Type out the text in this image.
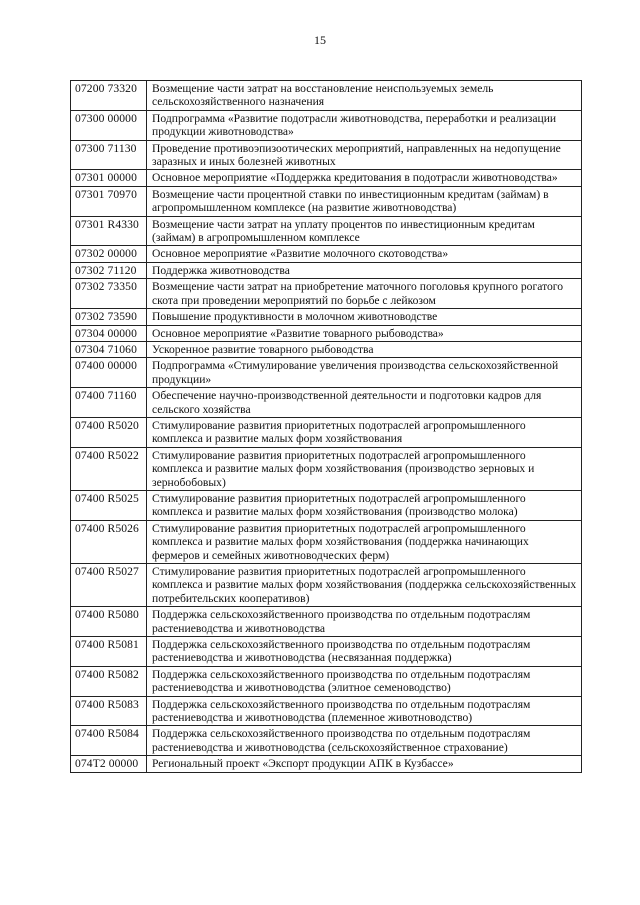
15
07200 73320	Возмещение части затрат на восстановление неиспользуемых земель сельскохозяйственного назначения
07300 00000	Подпрограмма «Развитие подотрасли животноводства, переработки и реализации продукции животноводства»
07300 71130	Проведение противоэпизоотических мероприятий, направленных на недопущение заразных и иных болезней животных
07301 00000	Основное мероприятие «Поддержка кредитования в подотрасли животноводства»
07301 70970	Возмещение части процентной ставки по инвестиционным кредитам (займам) в агропромышленном комплексе (на развитие животноводства)
07301 R4330	Возмещение части затрат на уплату процентов по инвестиционным кредитам (займам) в агропромышленном комплексе
07302 00000	Основное мероприятие «Развитие молочного скотоводства»
07302 71120	Поддержка животноводства
07302 73350	Возмещение части затрат на приобретение маточного поголовья крупного рогатого скота при проведении мероприятий по борьбе с лейкозом
07302 73590	Повышение продуктивности в молочном животноводстве
07304 00000	Основное мероприятие «Развитие товарного рыбоводства»
07304 71060	Ускоренное развитие товарного рыбоводства
07400 00000	Подпрограмма «Стимулирование увеличения производства сельскохозяйственной продукции»
07400 71160	Обеспечение научно-производственной деятельности и подготовки кадров для сельского хозяйства
07400 R5020	Стимулирование развития приоритетных подотраслей агропромышленного комплекса и развитие малых форм хозяйствования
07400 R5022	Стимулирование развития приоритетных подотраслей агропромышленного комплекса и развитие малых форм хозяйствования (производство зерновых и зернобобовых)
07400 R5025	Стимулирование развития приоритетных подотраслей агропромышленного комплекса и развитие малых форм хозяйствования (производство молока)
07400 R5026	Стимулирование развития приоритетных подотраслей агропромышленного комплекса и развитие малых форм хозяйствования (поддержка начинающих фермеров и семейных животноводческих ферм)
07400 R5027	Стимулирование развития приоритетных подотраслей агропромышленного комплекса и развитие малых форм хозяйствования (поддержка сельскохозяйственных потребительских кооперативов)
07400 R5080	Поддержка сельскохозяйственного производства по отдельным подотраслям растениеводства и животноводства
07400 R5081	Поддержка сельскохозяйственного производства по отдельным подотраслям растениеводства и животноводства (несвязанная поддержка)
07400 R5082	Поддержка сельскохозяйственного производства по отдельным подотраслям растениеводства и животноводства (элитное семеноводство)
07400 R5083	Поддержка сельскохозяйственного производства по отдельным подотраслям растениеводства и животноводства (племенное животноводство)
07400 R5084	Поддержка сельскохозяйственного производства по отдельным подотраслям растениеводства и животноводства (сельскохозяйственное страхование)
074T2 00000	Региональный проект «Экспорт продукции АПК в Кузбассе»
